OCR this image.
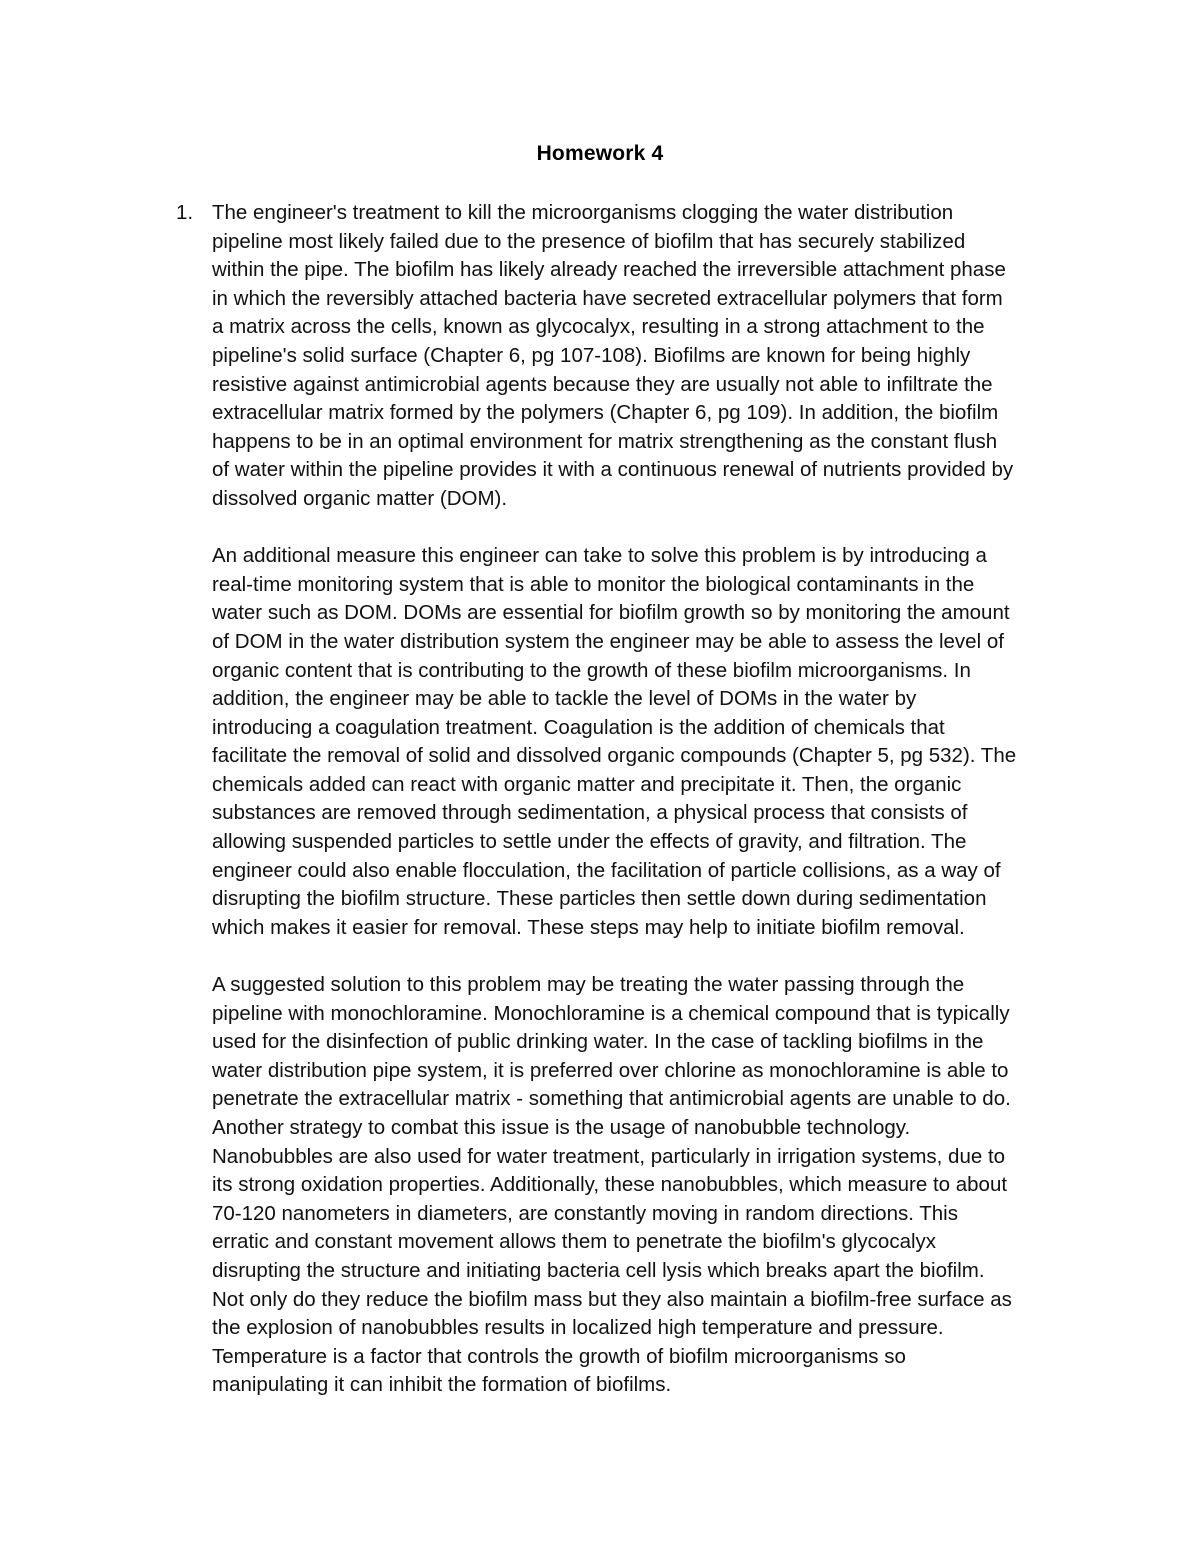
Homework 4
1. The engineer's treatment to kill the microorganisms clogging the water distribution
pipeline most likely failed due to the presence of biofilm that has securely stabilized
within the pipe. The biofilm has likely already reached the irreversible attachment phase
in which the reversibly attached bacteria have secreted extracellular polymers that form
a matrix across the cells, known as glycocalyx, resulting in a strong attachment to the
pipeline's solid surface (Chapter 6, pg 107-108). Biofilms are known for being highly
resistive against antimicrobial agents because they are usually not able to infiltrate the
extracellular matrix formed by the polymers (Chapter 6, pg 109). In addition, the biofilm
happens to be in an optimal environment for matrix strengthening as the constant flush
of water within the pipeline provides it with a continuous renewal of nutrients provided by
dissolved organic matter (DOM).

An additional measure this engineer can take to solve this problem is by introducing a
real-time monitoring system that is able to monitor the biological contaminants in the
water such as DOM. DOMs are essential for biofilm growth so by monitoring the amount
of DOM in the water distribution system the engineer may be able to assess the level of
organic content that is contributing to the growth of these biofilm microorganisms. In
addition, the engineer may be able to tackle the level of DOMs in the water by
introducing a coagulation treatment. Coagulation is the addition of chemicals that
facilitate the removal of solid and dissolved organic compounds (Chapter 5, pg 532). The
chemicals added can react with organic matter and precipitate it. Then, the organic
substances are removed through sedimentation, a physical process that consists of
allowing suspended particles to settle under the effects of gravity, and filtration. The
engineer could also enable flocculation, the facilitation of particle collisions, as a way of
disrupting the biofilm structure. These particles then settle down during sedimentation
which makes it easier for removal. These steps may help to initiate biofilm removal.

A suggested solution to this problem may be treating the water passing through the
pipeline with monochloramine. Monochloramine is a chemical compound that is typically
used for the disinfection of public drinking water. In the case of tackling biofilms in the
water distribution pipe system, it is preferred over chlorine as monochloramine is able to
penetrate the extracellular matrix - something that antimicrobial agents are unable to do.
Another strategy to combat this issue is the usage of nanobubble technology.
Nanobubbles are also used for water treatment, particularly in irrigation systems, due to
its strong oxidation properties. Additionally, these nanobubbles, which measure to about
70-120 nanometers in diameters, are constantly moving in random directions. This
erratic and constant movement allows them to penetrate the biofilm's glycocalyx
disrupting the structure and initiating bacteria cell lysis which breaks apart the biofilm.
Not only do they reduce the biofilm mass but they also maintain a biofilm-free surface as
the explosion of nanobubbles results in localized high temperature and pressure.
Temperature is a factor that controls the growth of biofilm microorganisms so
manipulating it can inhibit the formation of biofilms.
